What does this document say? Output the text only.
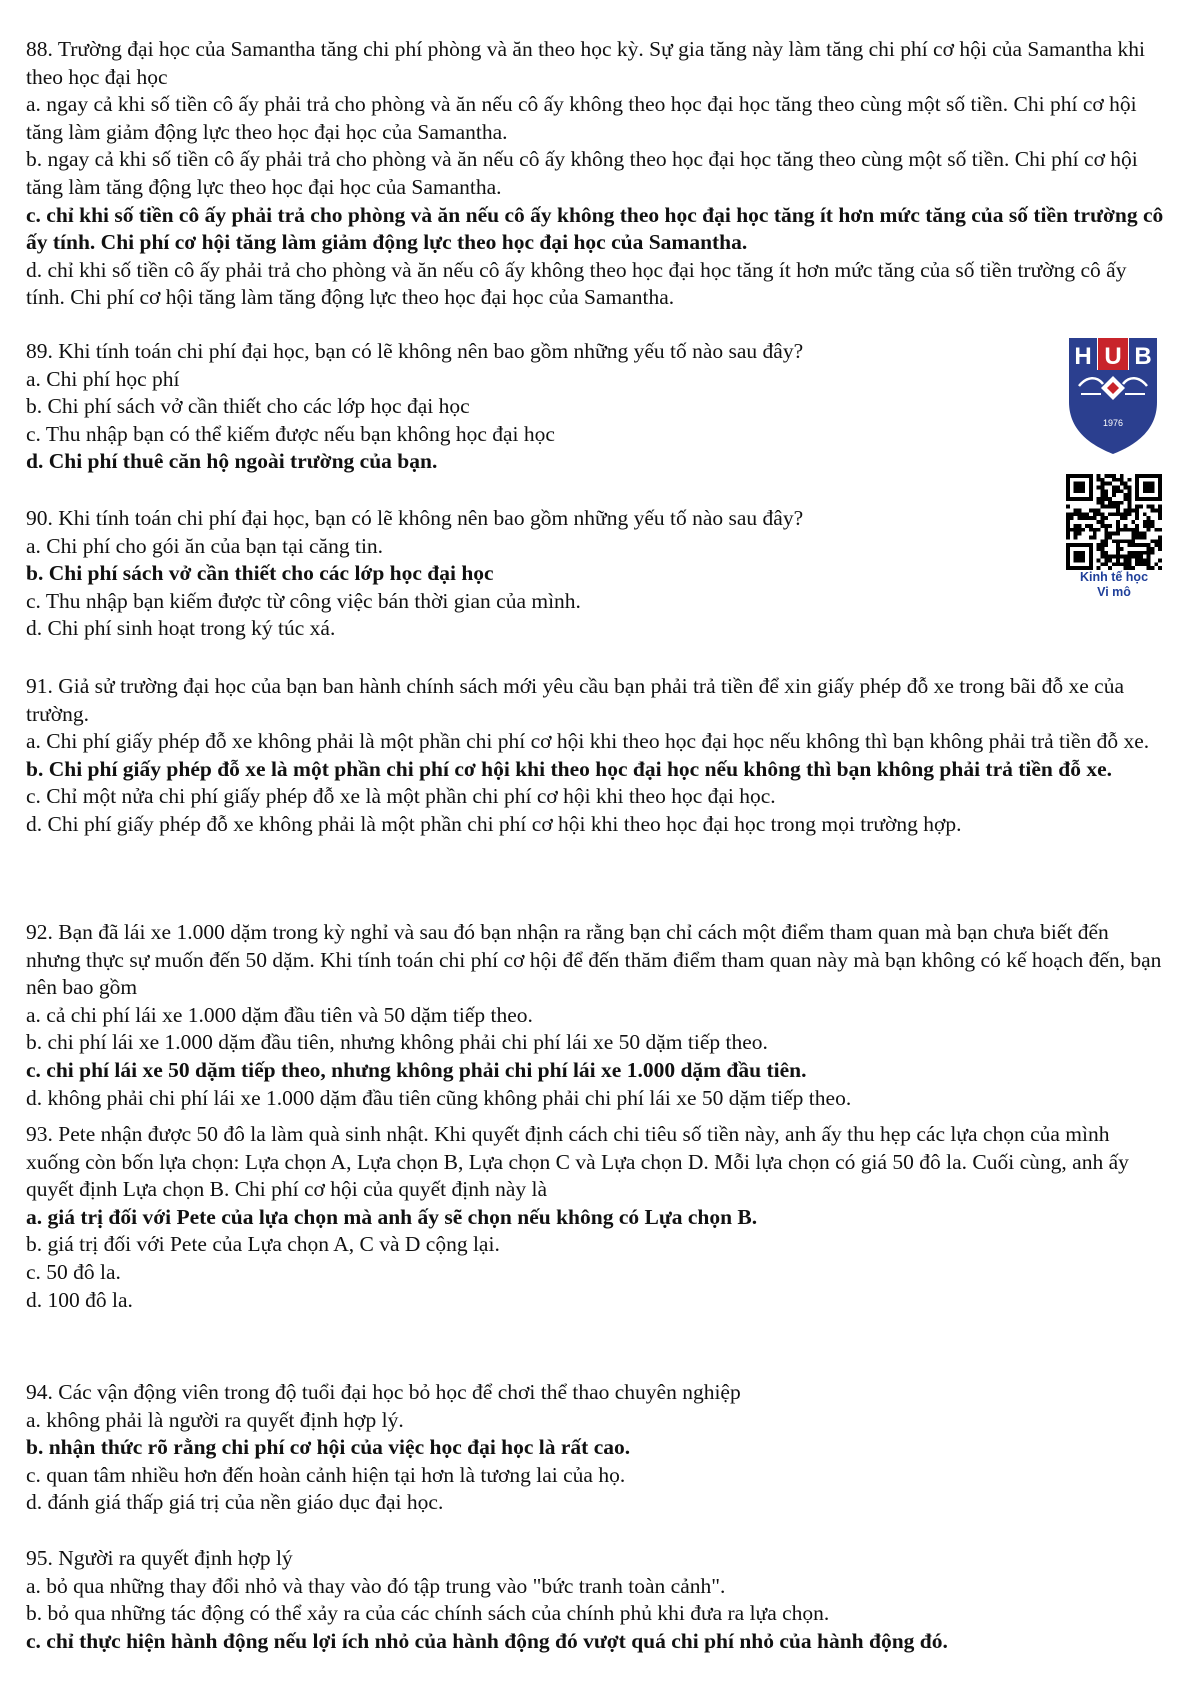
88. Trường đại học của Samantha tăng chi phí phòng và ăn theo học kỳ. Sự gia tăng này làm tăng chi phí cơ hội của Samantha khi theo học đại học

a. ngay cả khi số tiền cô ấy phải trả cho phòng và ăn nếu cô ấy không theo học đại học tăng theo cùng một số tiền. Chi phí cơ hội tăng làm giảm động lực theo học đại học của Samantha.

b. ngay cả khi số tiền cô ấy phải trả cho phòng và ăn nếu cô ấy không theo học đại học tăng theo cùng một số tiền. Chi phí cơ hội tăng làm tăng động lực theo học đại học của Samantha.

c. chỉ khi số tiền cô ấy phải trả cho phòng và ăn nếu cô ấy không theo học đại học tăng ít hơn mức tăng của số tiền trường cô ấy tính. Chi phí cơ hội tăng làm giảm động lực theo học đại học của Samantha.

d. chỉ khi số tiền cô ấy phải trả cho phòng và ăn nếu cô ấy không theo học đại học tăng ít hơn mức tăng của số tiền trường cô ấy tính. Chi phí cơ hội tăng làm tăng động lực theo học đại học của Samantha.

89. Khi tính toán chi phí đại học, bạn có lẽ không nên bao gồm những yếu tố nào sau đây?

a. Chi phí học phí

b. Chi phí sách vở cần thiết cho các lớp học đại học

c. Thu nhập bạn có thể kiếm được nếu bạn không học đại học

d. Chi phí thuê căn hộ ngoài trường của bạn.

90. Khi tính toán chi phí đại học, bạn có lẽ không nên bao gồm những yếu tố nào sau đây?

a. Chi phí cho gói ăn của bạn tại căng tin.

b. Chi phí sách vở cần thiết cho các lớp học đại học

c. Thu nhập bạn kiếm được từ công việc bán thời gian của mình.

d. Chi phí sinh hoạt trong ký túc xá.

91. Giả sử trường đại học của bạn ban hành chính sách mới yêu cầu bạn phải trả tiền để xin giấy phép đỗ xe trong bãi đỗ xe của trường.

a. Chi phí giấy phép đỗ xe không phải là một phần chi phí cơ hội khi theo học đại học nếu không thì bạn không phải trả tiền đỗ xe.

b. Chi phí giấy phép đỗ xe là một phần chi phí cơ hội khi theo học đại học nếu không thì bạn không phải trả tiền đỗ xe.

c. Chỉ một nửa chi phí giấy phép đỗ xe là một phần chi phí cơ hội khi theo học đại học.

d. Chi phí giấy phép đỗ xe không phải là một phần chi phí cơ hội khi theo học đại học trong mọi trường hợp.

92. Bạn đã lái xe 1.000 dặm trong kỳ nghỉ và sau đó bạn nhận ra rằng bạn chỉ cách một điểm tham quan mà bạn chưa biết đến nhưng thực sự muốn đến 50 dặm. Khi tính toán chi phí cơ hội để đến thăm điểm tham quan này mà bạn không có kế hoạch đến, bạn nên bao gồm

a. cả chi phí lái xe 1.000 dặm đầu tiên và 50 dặm tiếp theo.

b. chi phí lái xe 1.000 dặm đầu tiên, nhưng không phải chi phí lái xe 50 dặm tiếp theo.

c. chi phí lái xe 50 dặm tiếp theo, nhưng không phải chi phí lái xe 1.000 dặm đầu tiên.

d. không phải chi phí lái xe 1.000 dặm đầu tiên cũng không phải chi phí lái xe 50 dặm tiếp theo.

93. Pete nhận được 50 đô la làm quà sinh nhật. Khi quyết định cách chi tiêu số tiền này, anh ấy thu hẹp các lựa chọn của mình xuống còn bốn lựa chọn: Lựa chọn A, Lựa chọn B, Lựa chọn C và Lựa chọn D. Mỗi lựa chọn có giá 50 đô la. Cuối cùng, anh ấy quyết định Lựa chọn B. Chi phí cơ hội của quyết định này là

a. giá trị đối với Pete của lựa chọn mà anh ấy sẽ chọn nếu không có Lựa chọn B.

b. giá trị đối với Pete của Lựa chọn A, C và D cộng lại.

c. 50 đô la.

d. 100 đô la.

94. Các vận động viên trong độ tuổi đại học bỏ học để chơi thể thao chuyên nghiệp

a. không phải là người ra quyết định hợp lý.

b. nhận thức rõ rằng chi phí cơ hội của việc học đại học là rất cao.

c. quan tâm nhiều hơn đến hoàn cảnh hiện tại hơn là tương lai của họ.

d. đánh giá thấp giá trị của nền giáo dục đại học.

95. Người ra quyết định hợp lý

a. bỏ qua những thay đổi nhỏ và thay vào đó tập trung vào "bức tranh toàn cảnh".

b. bỏ qua những tác động có thể xảy ra của các chính sách của chính phủ khi đưa ra lựa chọn.

c. chỉ thực hiện hành động nếu lợi ích nhỏ của hành động đó vượt quá chi phí nhỏ của hành động đó.

H U B
1976
Kinh tế học
Vi mô
